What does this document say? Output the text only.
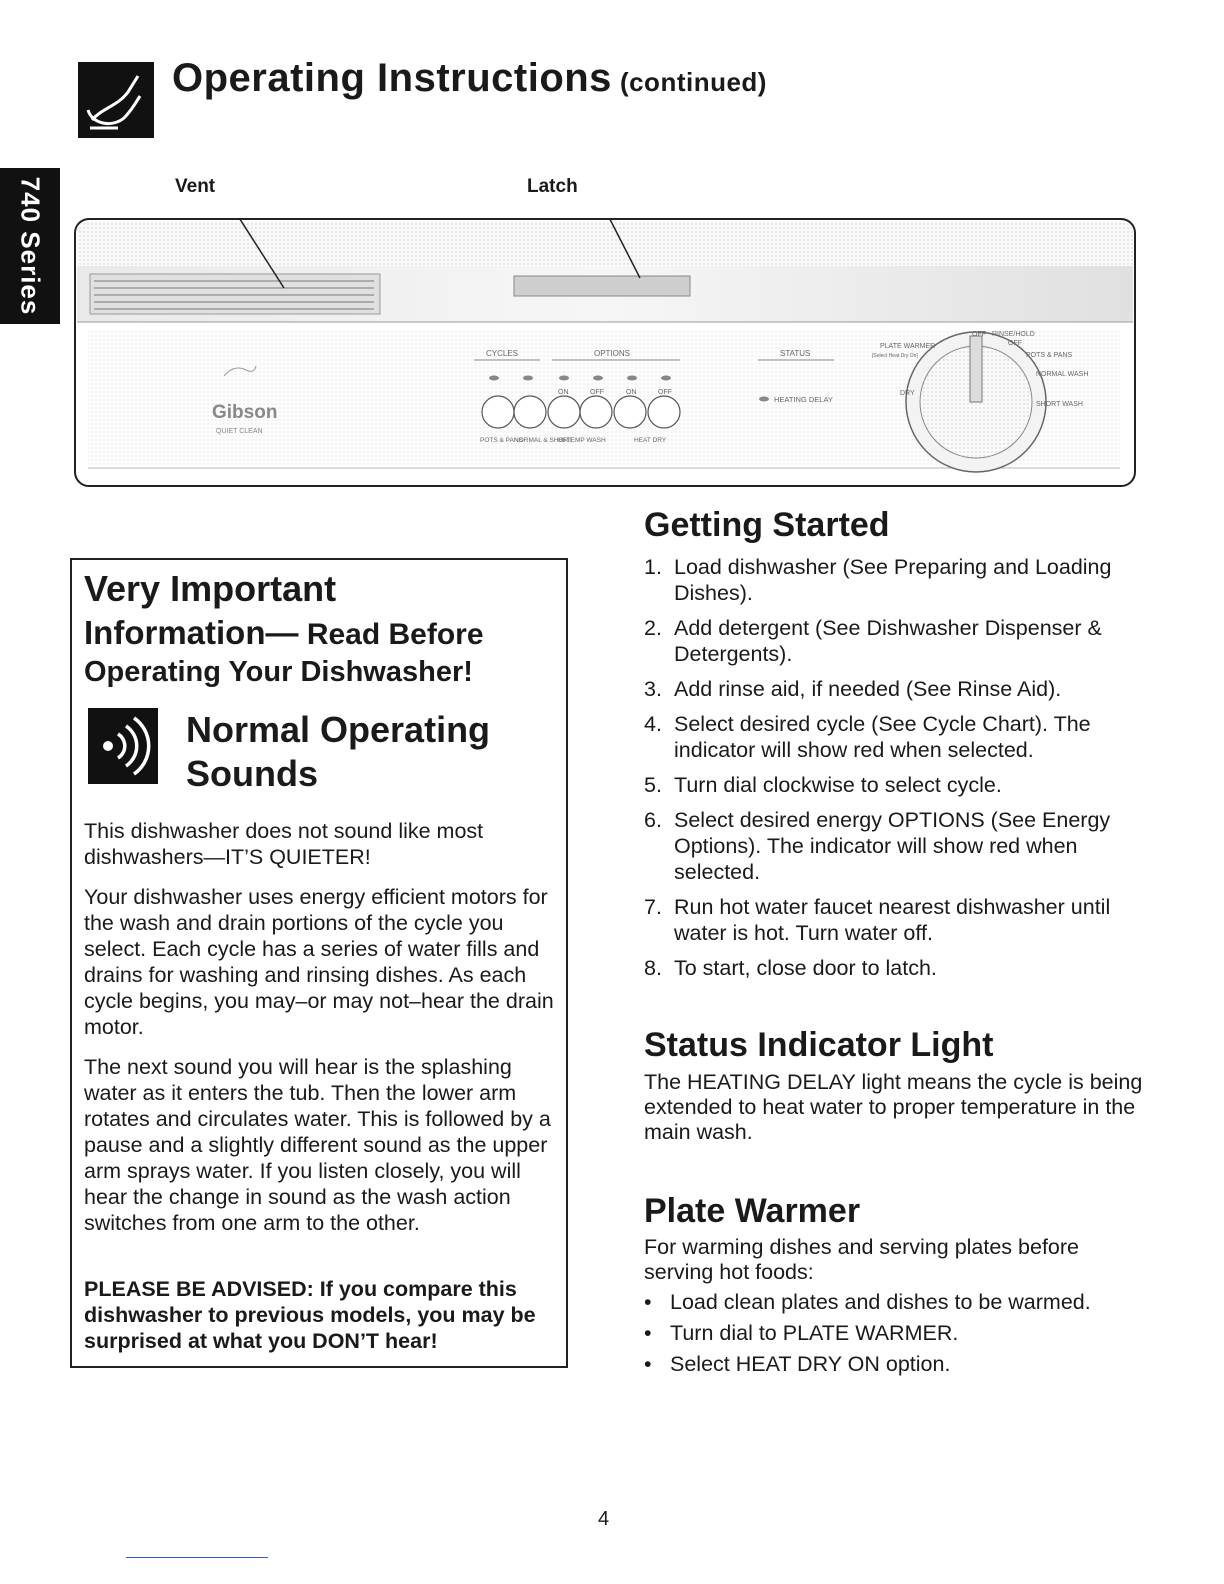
Operating Instructions (continued)
740 Series	Vent	Latch
Gibson
QUIET CLEAN
CYCLES	OPTIONS	STATUS
ON	OFF	ON	OFF
POTS & PANS
NORMAL & SHORT
HI-TEMP WASH	HEAT DRY
HEATING DELAY
OFF RINSE/HOLD
OFF
PLATE WARMER
[Select Heat Dry On]	POTS & PANS
NORMAL WASH
DRY
SHORT WASH
Very Important
Information— Read Before
Operating Your Dishwasher!
Normal Operating Sounds
This dishwasher does not sound like most dishwashers—IT’S QUIETER!
Your dishwasher uses energy efficient motors for the wash and drain portions of the cycle you select. Each cycle has a series of water fills and drains for washing and rinsing dishes. As each cycle begins, you may–or may not–hear the drain motor.
The next sound you will hear is the splashing water as it enters the tub. Then the lower arm rotates and circulates water. This is followed by a pause and a slightly different sound as the upper arm sprays water. If you listen closely, you will hear the change in sound as the wash action switches from one arm to the other.
PLEASE BE ADVISED: If you compare this dishwasher to previous models, you may be surprised at what you DON’T hear!
Getting Started
1. Load dishwasher (See Preparing and Loading Dishes).
2. Add detergent (See Dishwasher Dispenser & Detergents).
3. Add rinse aid, if needed (See Rinse Aid).
4. Select desired cycle (See Cycle Chart). The indicator will show red when selected.
5. Turn dial clockwise to select cycle.
6. Select desired energy OPTIONS (See Energy Options). The indicator will show red when selected.
7. Run hot water faucet nearest dishwasher until water is hot. Turn water off.
8. To start, close door to latch.
Status Indicator Light
The HEATING DELAY light means the cycle is being extended to heat water to proper temperature in the main wash.
Plate Warmer
For warming dishes and serving plates before serving hot foods:
• Load clean plates and dishes to be warmed.
• Turn dial to PLATE WARMER.
• Select HEAT DRY ON option.
4
